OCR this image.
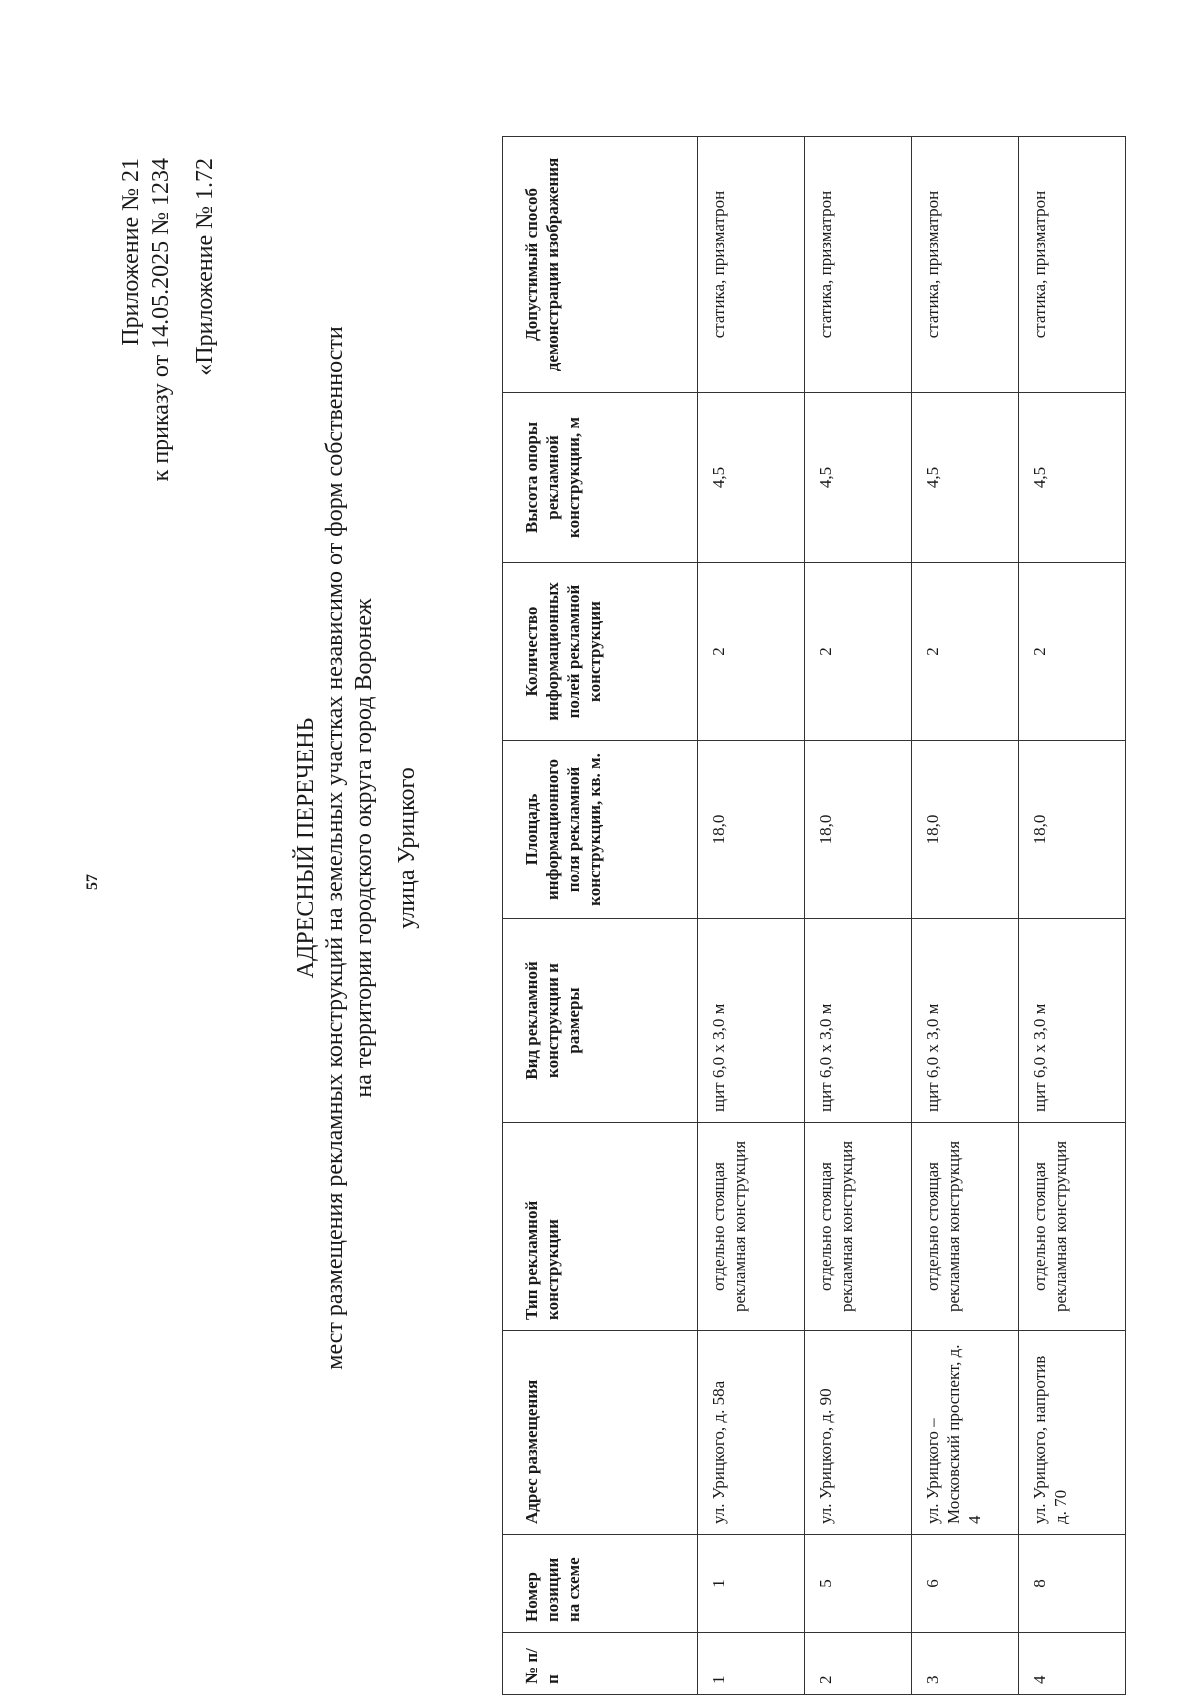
57
Приложение № 21 к приказу от 14.05.2025 № 1234 «Приложение № 1.72
АДРЕСНЫЙ ПЕРЕЧЕНЬ мест размещения рекламных конструкций на земельных участках независимо от форм собственности на территории городского округа город Воронеж улица Урицкого
№ п/п	Номер позиции на схеме	Адрес размещения	Тип рекламной конструкции	Вид рекламной конструкции и размеры	Площадь информационного поля рекламной конструкции, кв. м.	Количество информационных полей рекламной конструкции	Высота опоры рекламной конструкции, м	Допустимый способ демонстрации изображения
1	1	ул. Урицкого, д. 58а	отдельно стоящая рекламная конструкция	щит 6,0 х 3,0 м	18,0	2	4,5	статика, призматрон
2	5	ул. Урицкого, д. 90	отдельно стоящая рекламная конструкция	щит 6,0 х 3,0 м	18,0	2	4,5	статика, призматрон
3	6	ул. Урицкого – Московский проспект, д. 4	отдельно стоящая рекламная конструкция	щит 6,0 х 3,0 м	18,0	2	4,5	статика, призматрон
4	8	ул. Урицкого, напротив д. 70	отдельно стоящая рекламная конструкция	щит 6,0 х 3,0 м	18,0	2	4,5	статика, призматрон
